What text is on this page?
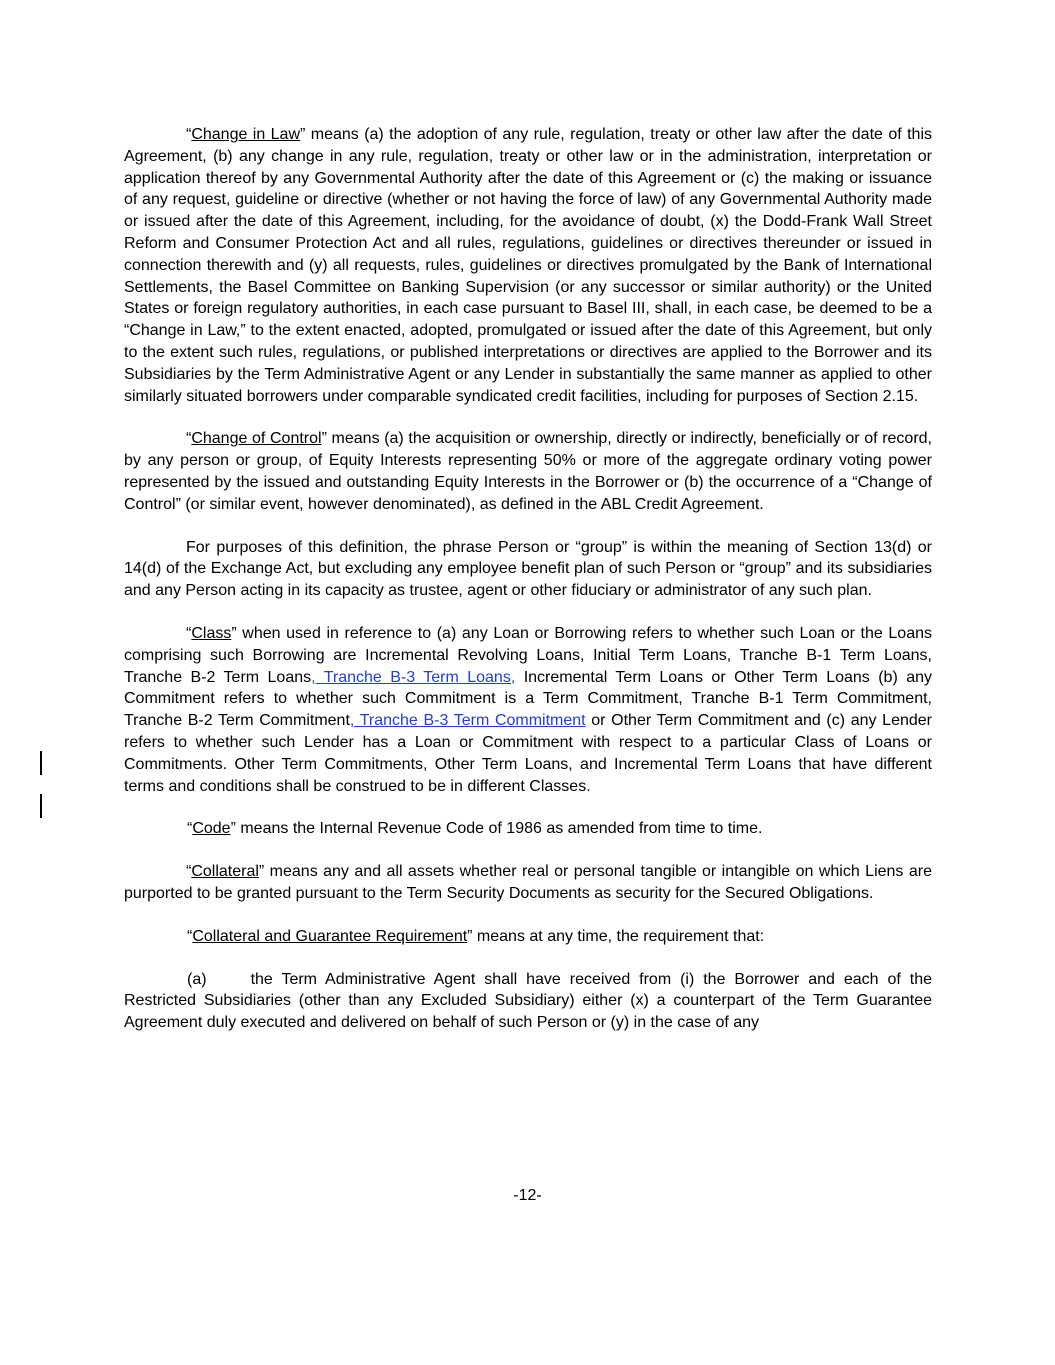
“Change in Law” means (a) the adoption of any rule, regulation, treaty or other law after the date of this Agreement, (b) any change in any rule, regulation, treaty or other law or in the administration, interpretation or application thereof by any Governmental Authority after the date of this Agreement or (c) the making or issuance of any request, guideline or directive (whether or not having the force of law) of any Governmental Authority made or issued after the date of this Agreement, including, for the avoidance of doubt, (x) the Dodd-Frank Wall Street Reform and Consumer Protection Act and all rules, regulations, guidelines or directives thereunder or issued in connection therewith and (y) all requests, rules, guidelines or directives promulgated by the Bank of International Settlements, the Basel Committee on Banking Supervision (or any successor or similar authority) or the United States or foreign regulatory authorities, in each case pursuant to Basel III, shall, in each case, be deemed to be a “Change in Law,” to the extent enacted, adopted, promulgated or issued after the date of this Agreement, but only to the extent such rules, regulations, or published interpretations or directives are applied to the Borrower and its Subsidiaries by the Term Administrative Agent or any Lender in substantially the same manner as applied to other similarly situated borrowers under comparable syndicated credit facilities, including for purposes of Section 2.15.

“Change of Control” means (a) the acquisition or ownership, directly or indirectly, beneficially or of record, by any person or group, of Equity Interests representing 50% or more of the aggregate ordinary voting power represented by the issued and outstanding Equity Interests in the Borrower or (b) the occurrence of a “Change of Control” (or similar event, however denominated), as defined in the ABL Credit Agreement.

For purposes of this definition, the phrase Person or “group” is within the meaning of Section 13(d) or 14(d) of the Exchange Act, but excluding any employee benefit plan of such Person or “group” and its subsidiaries and any Person acting in its capacity as trustee, agent or other fiduciary or administrator of any such plan.

“Class” when used in reference to (a) any Loan or Borrowing refers to whether such Loan or the Loans comprising such Borrowing are Incremental Revolving Loans, Initial Term Loans, Tranche B-1 Term Loans, Tranche B-2 Term Loans, Tranche B-3 Term Loans, Incremental Term Loans or Other Term Loans (b) any Commitment refers to whether such Commitment is a Term Commitment, Tranche B-1 Term Commitment, Tranche B-2 Term Commitment, Tranche B-3 Term Commitment or Other Term Commitment and (c) any Lender refers to whether such Lender has a Loan or Commitment with respect to a particular Class of Loans or Commitments. Other Term Commitments, Other Term Loans, and Incremental Term Loans that have different terms and conditions shall be construed to be in different Classes.

“Code” means the Internal Revenue Code of 1986 as amended from time to time.

“Collateral” means any and all assets whether real or personal tangible or intangible on which Liens are purported to be granted pursuant to the Term Security Documents as security for the Secured Obligations.

“Collateral and Guarantee Requirement” means at any time, the requirement that:

(a)	the Term Administrative Agent shall have received from (i) the Borrower and each of the Restricted Subsidiaries (other than any Excluded Subsidiary) either (x) a counterpart of the Term Guarantee Agreement duly executed and delivered on behalf of such Person or (y) in the case of any

-12-
